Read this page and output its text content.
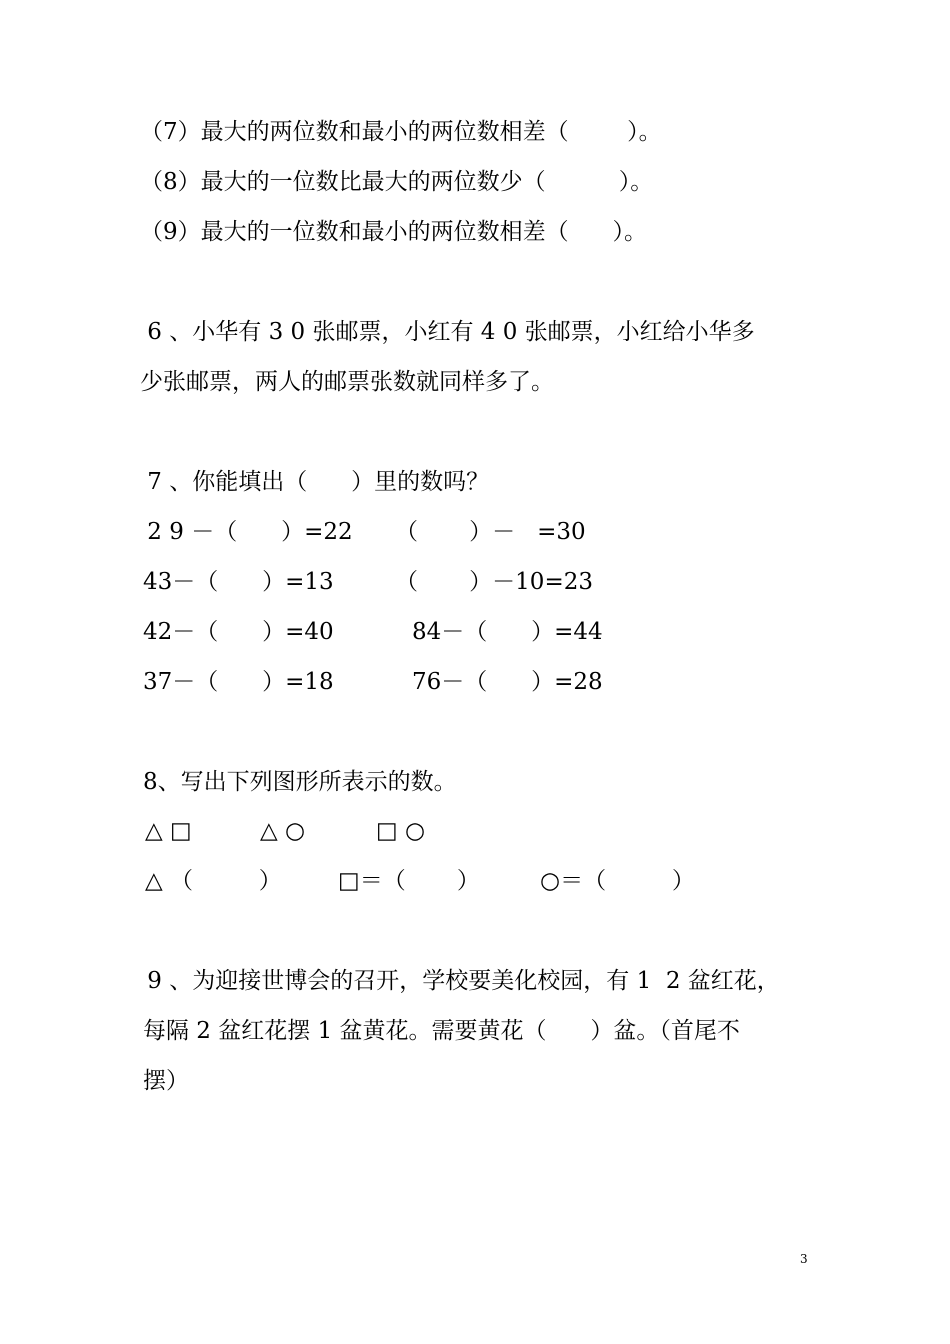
（7）最大的两位数和最小的两位数相差（        ）。
（8）最大的一位数比最大的两位数少（          ）。
（9）最大的一位数和最小的两位数相差（      ）。
6 、小华有 3 0 张邮票，小红有 4 0 张邮票，小红给小华多
少张邮票，两人的邮票张数就同样多了。
7 、你能填出（      ）里的数吗？
2 9 －（      ）=22 （       ）－   =30
43－（      ）=13	（       ）－10=23
42－（      ）=40	84－（      ）=44
37－（      ）=18	76－（      ）=28
8、写出下列图形所表示的数。
△ □	△ ○	□ ○
△ （         ） □＝（       ）	○＝（         ）
9 、为迎接世博会的召开，学校要美化校园，有 1  2 盆红花，
每隔 2 盆红花摆 1 盆黄花。需要黄花（      ）盆。（首尾不
摆）
3
